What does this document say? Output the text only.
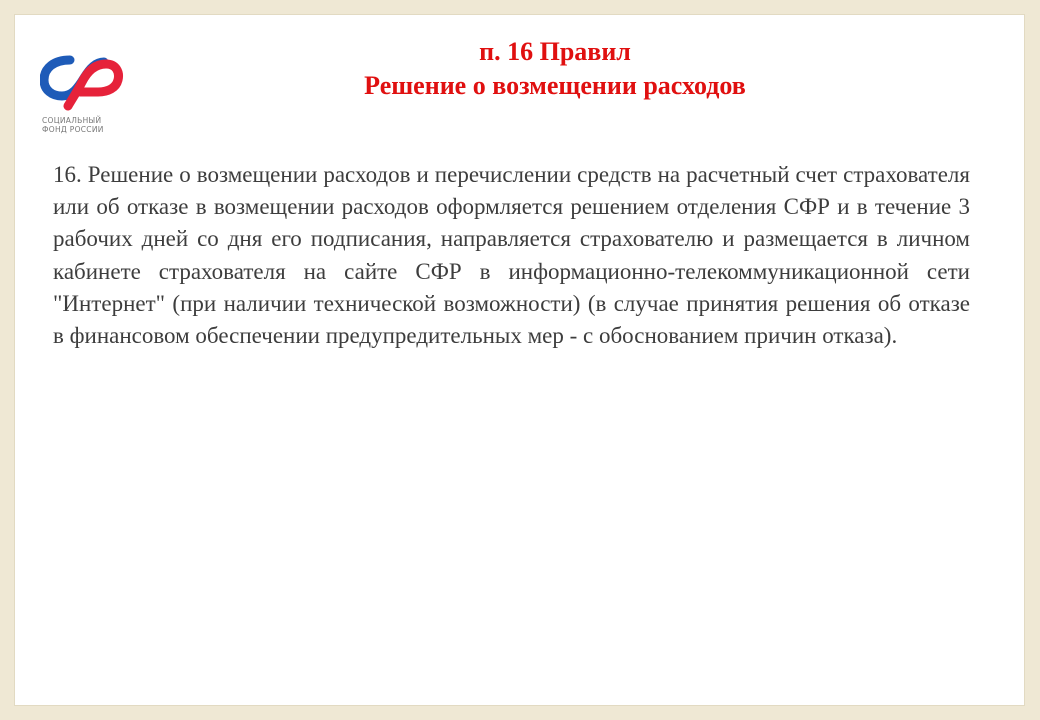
СОЦИАЛЬНЫЙ
ФОНД РОССИИ
п. 16 Правил
Решение о возмещении расходов

16. Решение о возмещении расходов и перечислении средств на расчетный счет страхователя или об отказе в возмещении расходов оформляется решением отделения СФР и в течение 3 рабочих дней со дня его подписания, направляется страхователю и размещается в личном кабинете страхователя на сайте СФР в информационно-телекоммуникационной сети "Интернет" (при наличии технической возможности) (в случае принятия решения об отказе в финансовом обеспечении предупредительных мер - с обоснованием причин отказа).
